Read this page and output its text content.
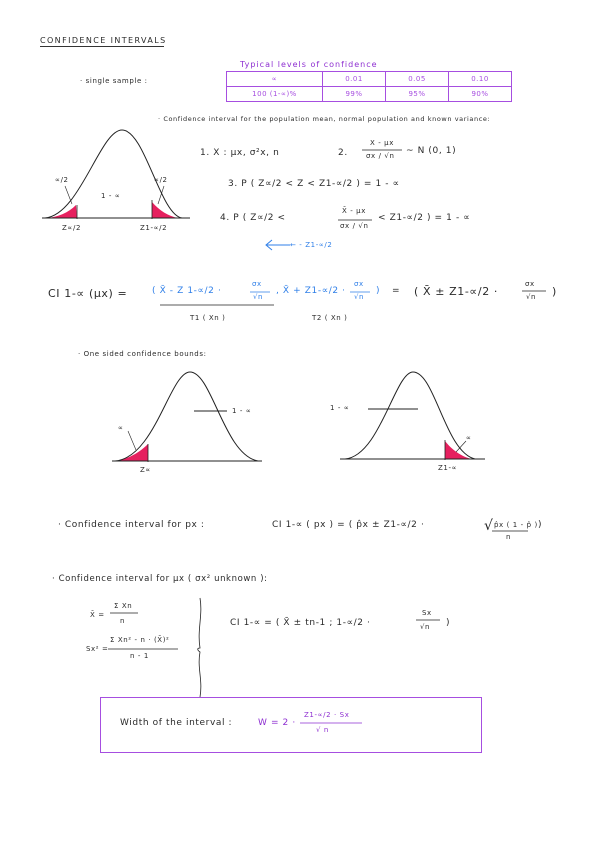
CONFIDENCE INTERVALS
· single sample :
Typical levels of confidence
∝	0.01	0.05	0.10
100 (1-∝)%	99%	95%	90%
· Confidence interval for the population mean, normal population and known variance:
∝/2	∝/2
1 - ∝
Z∝/2	Z1-∝/2
1. X : μx, σ²x, n	2.
X - μx
σx / √n ~ N (0, 1)
3. P ( Z∝/2 < Z < Z1-∝/2 ) = 1 - ∝
4. P ( Z∝/2 <
X̄ - μx
σx / √n
< Z1-∝/2 ) = 1 - ∝
← - Z1-∝/2
CI 1-∝ (μx) =	( X̄ - Z 1-∝/2 ·
σx
√n
, X̄ + Z1-∝/2 ·
σx
√n
) = ( X̄ ± Z1-∝/2 ·
σx
√n )
T1 ( Xn )	T2 ( Xn )
· One sided confidence bounds:
∝
1 - ∝
Z∝
1 - ∝
∝
Z1-∝
· Confidence interval for px :	CI 1-∝ ( px ) = ( p̂x ± Z1-∝/2 ·	√ p̂x ( 1 - p̂ )
n
)
· Confidence interval for μx ( σx² unknown ):
X̄ =
Σ Xn
n
Sx² =
Σ Xn² - n · (X̄)²
n - 1
CI 1-∝ = ( X̄ ± tn-1 ; 1-∝/2 ·
Sx
√n )
Width of the interval :	W = 2 ·
Z1-∝/2 · Sx
√ n
